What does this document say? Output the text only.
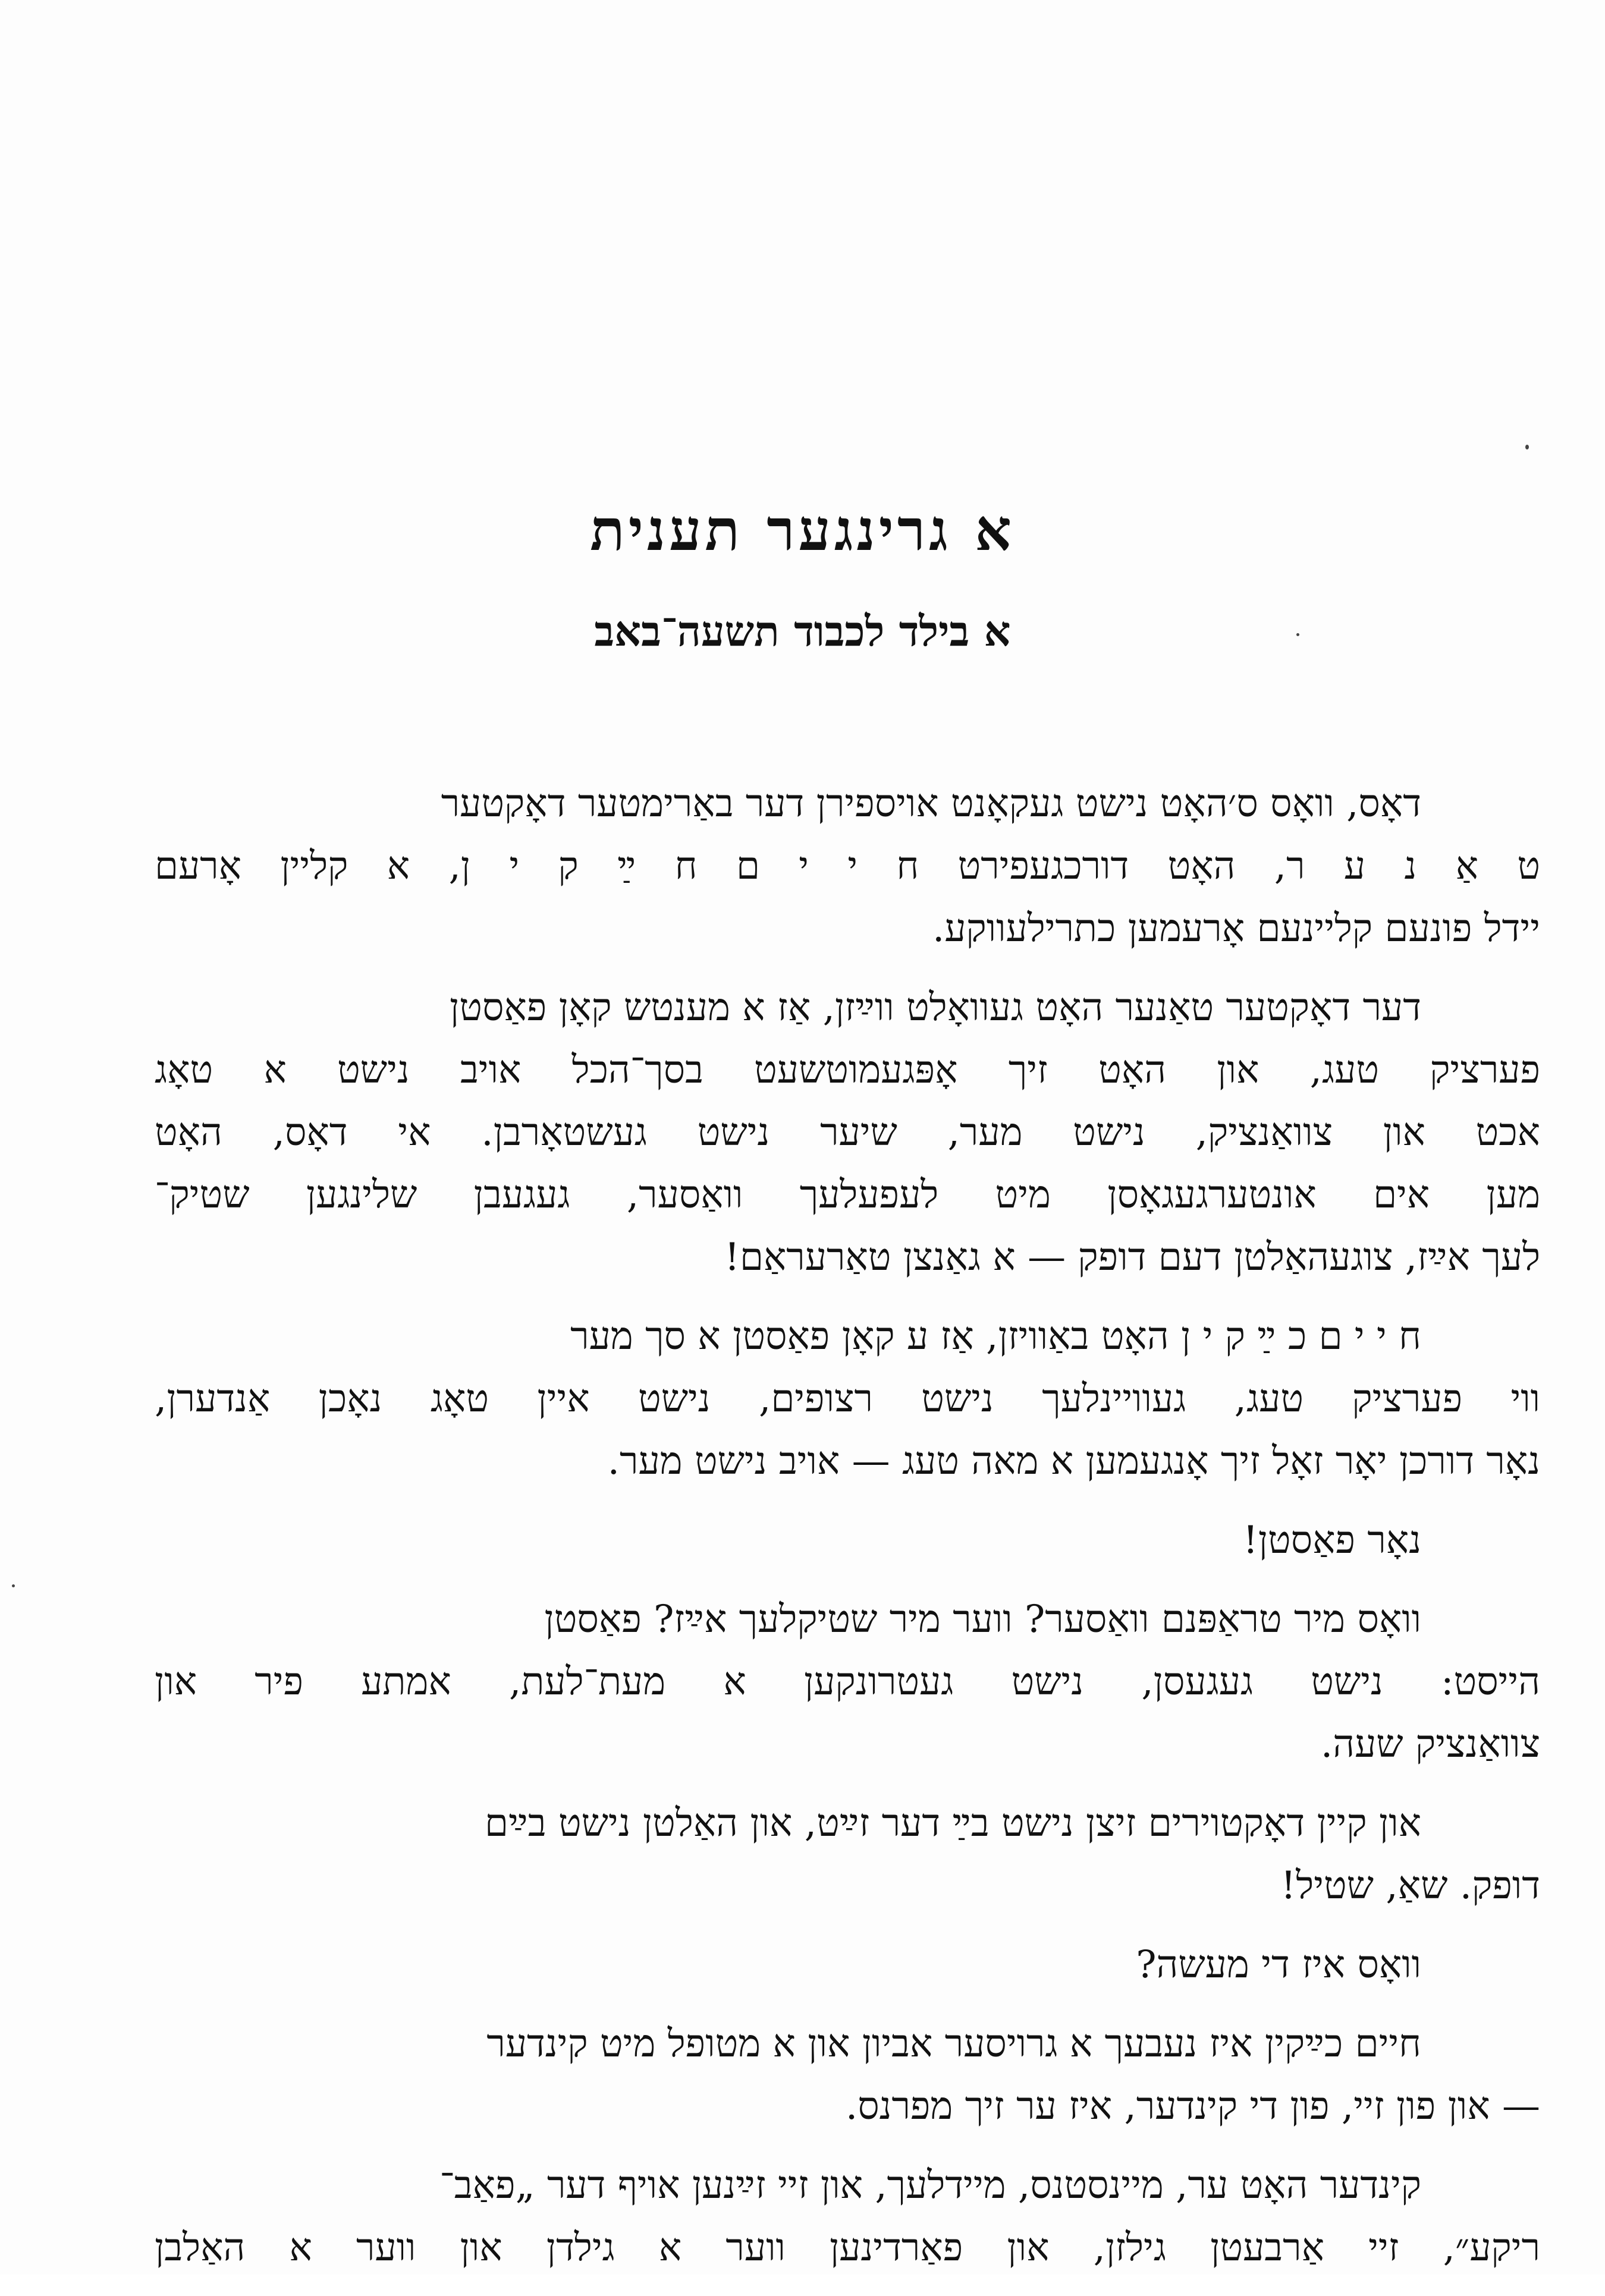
א גרינגער תענית
א בילד לכבוד תשעה־באב

דאָס, וואָס ס׳האָט נישט געקאָנט אויספירן דער באַרימטער דאָקטער
ט אַ נ ע ר, האָט דורכגעפירט ח י י ם ח ײַ ק י ן, א קליין אָרעם
יידל פונעם קליינעם אָרעמען כתרילעווקע.

דער דאָקטער טאַנער האָט געוואָלט ווײַזן, אַז א מענטש קאָן פאַסטן
פערציק טעג, און האָט זיך אָפּגעמוטשעט בסך־הכל אויב נישט א טאָג
אכט און צוואַנציק, נישט מער, שיער נישט געשטאָרבן. אי דאָס, האָט
מען אים אונטערגעגאָסן מיט לעפעלעך וואַסער, געגעבן שלינגען שטיק־
לעך אײַז, צוגעהאַלטן דעם דופק — א גאַנצן טאַרעראַם!

ח י י ם כ ײַ ק י ן האָט באַוויזן, אַז ע קאָן פאַסטן א סך מער
ווי פערציק טעג, געוויינלעך נישט רצופים, נישט איין טאָג נאָכן אַנדערן,
נאָר דורכן יאָר זאָל זיך אָנגעמען א מאה טעג — אויב נישט מער.

נאָר פאַסטן!

וואָס מיר טראַפּנם וואַסער? ווער מיר שטיקלעך אײַז? פאַסטן
הייסט: נישט געגעסן, נישט געטרונקען א מעת־לעת, אמתע פיר און
צוואַנציק שעה.

און קיין דאָקטוירים זיצן נישט בײַ דער זײַט, און האַלטן נישט בײַם
דופק. שאַ, שטיל!

וואָס איז די מעשה?

חיים כײַקין איז נעבעך א גרויסער אביון און א מטופל מיט קינדער
— און פון זיי, פון די קינדער, איז ער זיך מפרנס.

קינדער האָט ער, מיינסטנס, מיידלעך, און זיי זײַנען אויף דער „פאַב־
ריקע״, זיי אַרבעטן גילזן, און פאַרדינען ווער א גילדן און ווער א האַלבן
